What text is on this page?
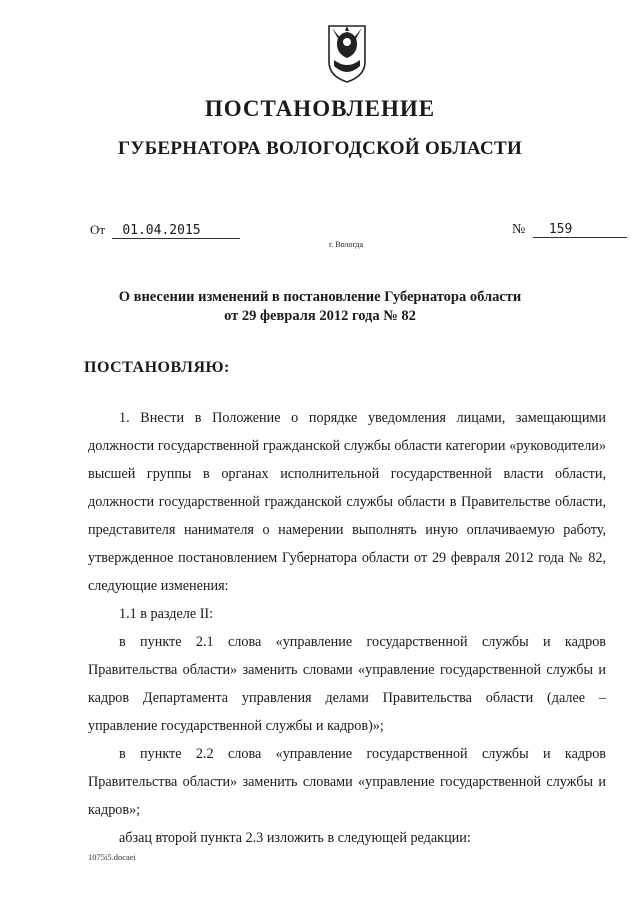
ПОСТАНОВЛЕНИЕ
ГУБЕРНАТОРА ВОЛОГОДСКОЙ ОБЛАСТИ
От 01.04.2015	№ 159
г. Вологда
О внесении изменений в постановление Губернатора области
от 29 февраля 2012 года № 82
ПОСТАНОВЛЯЮ:

1. Внести в Положение о порядке уведомления лицами, замещающими должности государственной гражданской службы области категории «руководители» высшей группы в органах исполнительной государственной власти области, должности государственной гражданской службы области в Правительстве области, представителя нанимателя о намерении выполнять иную оплачиваемую работу, утвержденное постановлением Губернатора области от 29 февраля 2012 года № 82, следующие изменения:

1.1 в разделе II:

в пункте 2.1 слова «управление государственной службы и кадров Правительства области» заменить словами «управление государственной службы и кадров Департамента управления делами Правительства области (далее – управление государственной службы и кадров)»;

в пункте 2.2 слова «управление государственной службы и кадров Правительства области» заменить словами «управление государственной службы и кадров»;

абзац второй пункта 2.3 изложить в следующей редакции:

1075i5.docaei
